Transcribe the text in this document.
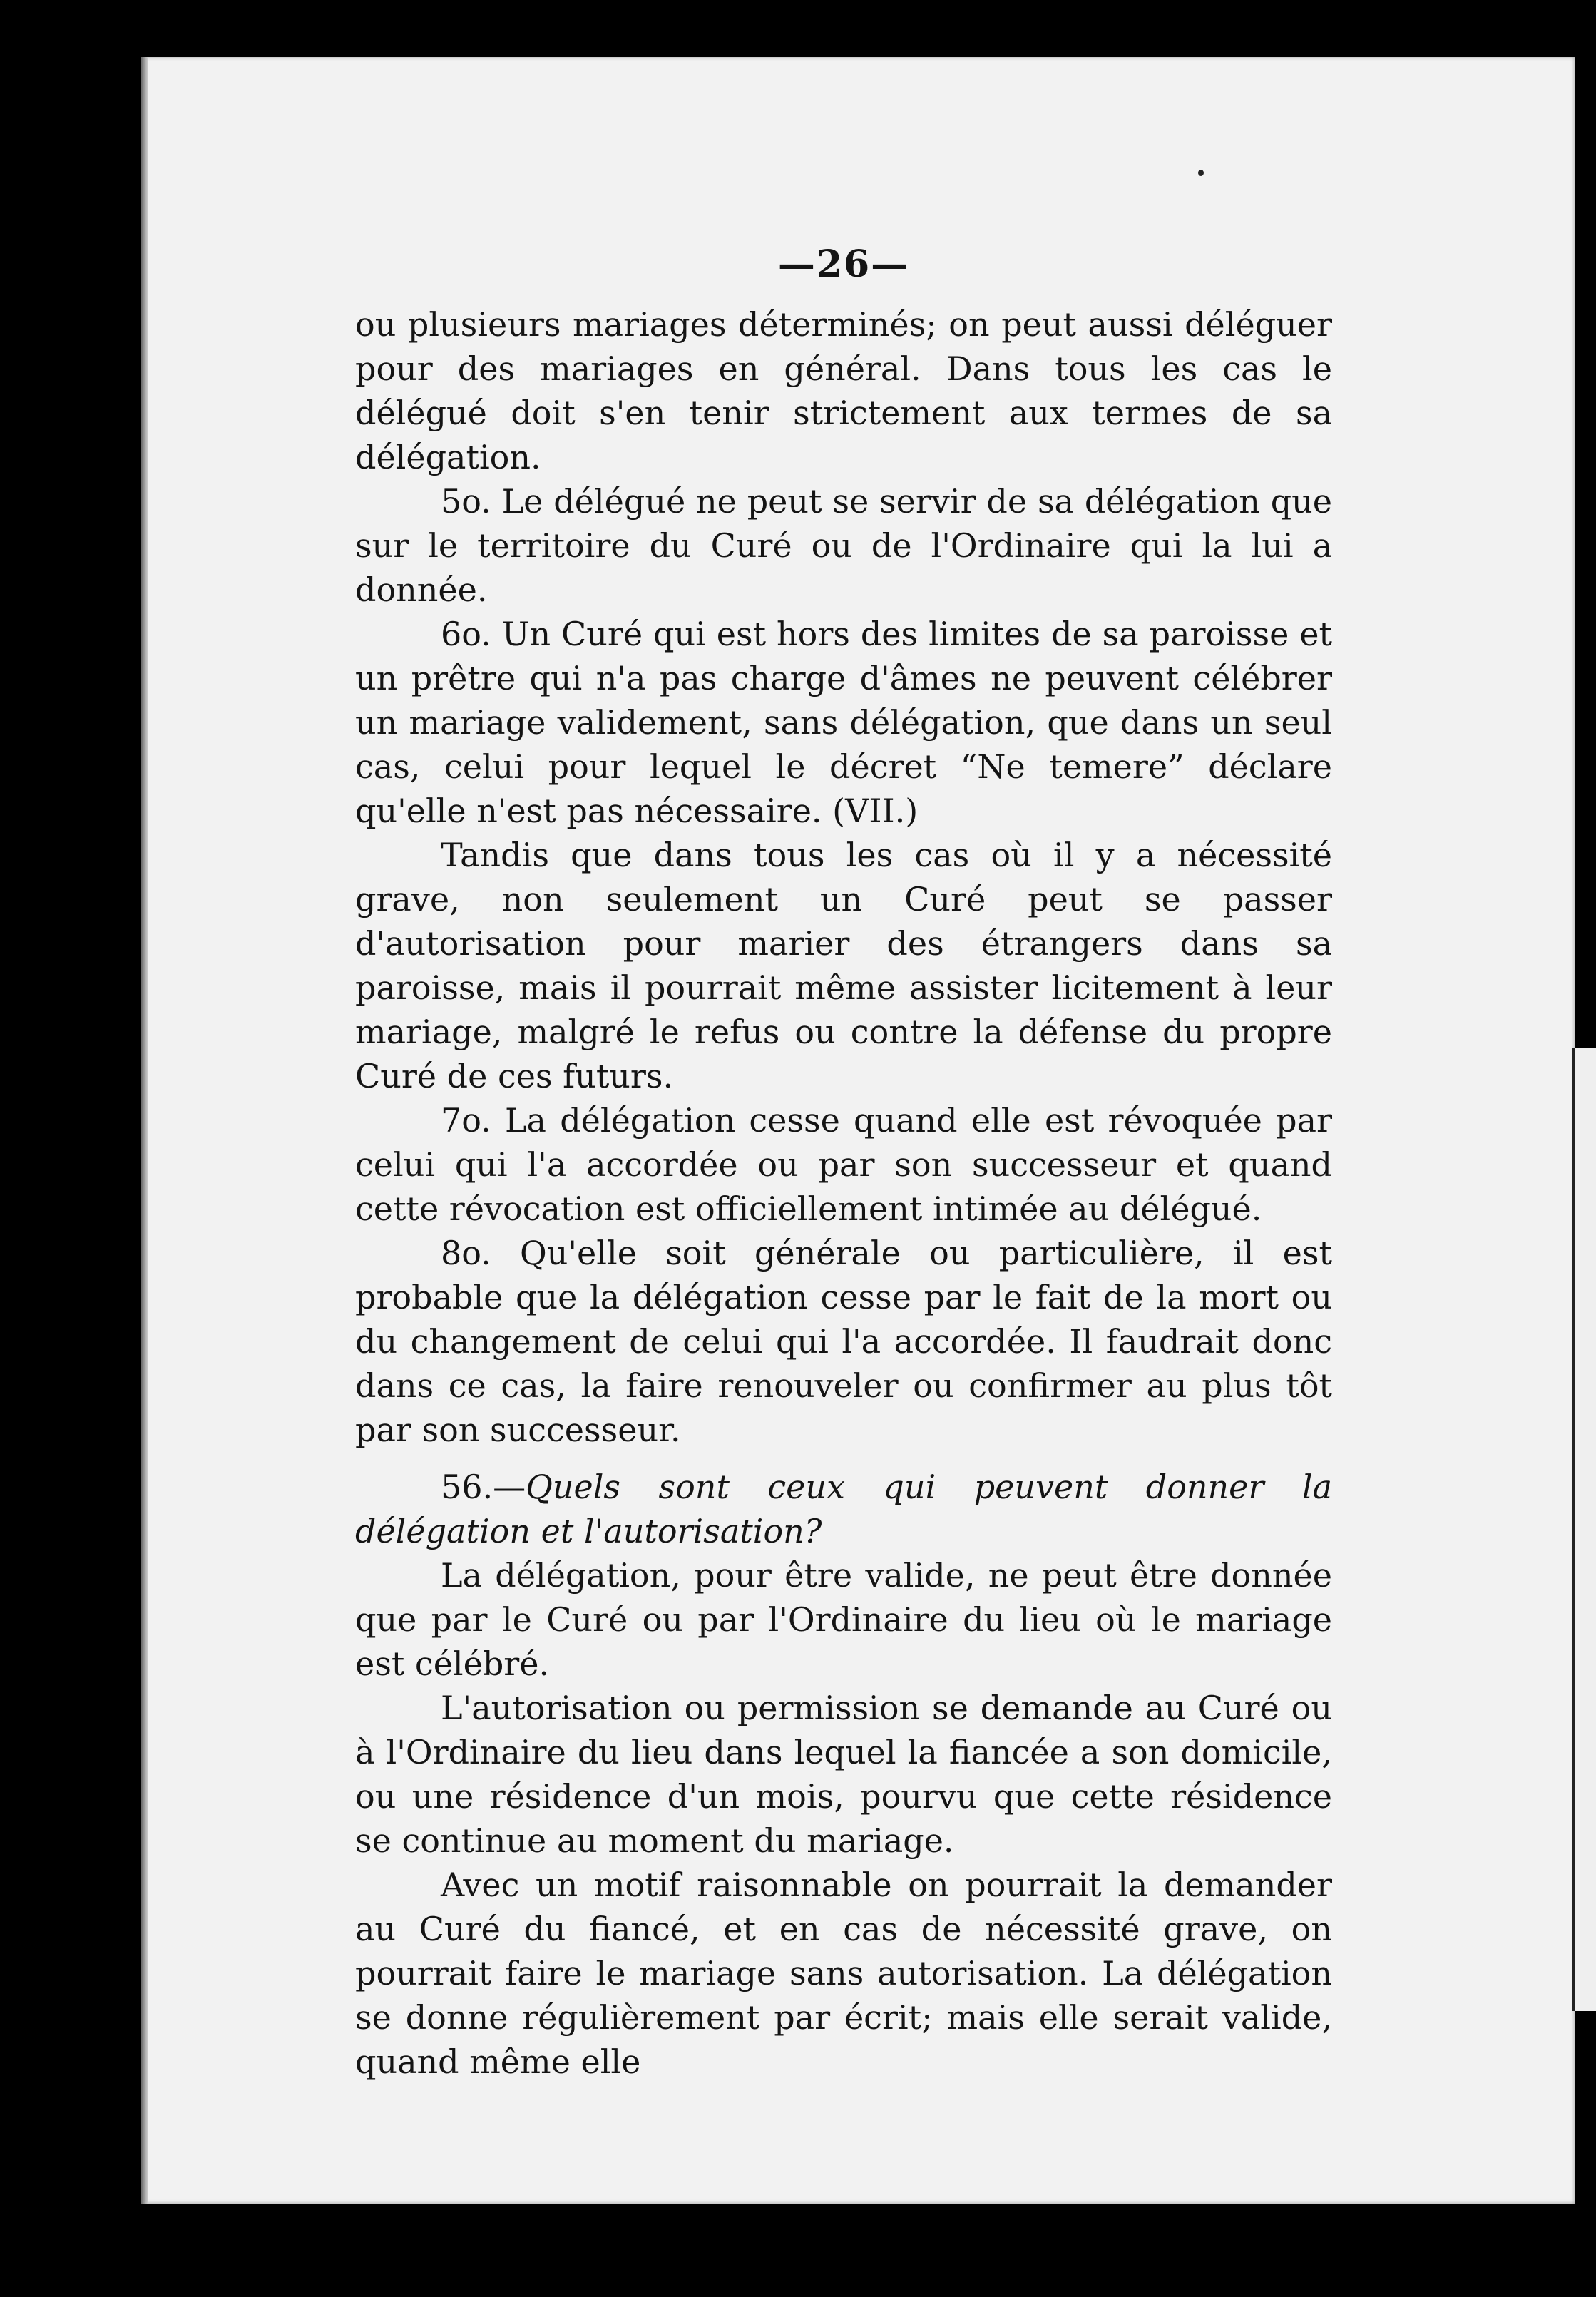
—26—

ou plusieurs mariages déterminés; on peut aussi déléguer pour des mariages en général. Dans tous les cas le délégué doit s'en tenir strictement aux termes de sa délégation.

5o. Le délégué ne peut se servir de sa délégation que sur le territoire du Curé ou de l'Ordinaire qui la lui a donnée.

6o. Un Curé qui est hors des limites de sa paroisse et un prêtre qui n'a pas charge d'âmes ne peuvent célébrer un mariage validement, sans délégation, que dans un seul cas, celui pour lequel le décret “Ne temere” déclare qu'elle n'est pas nécessaire. (VII.)

Tandis que dans tous les cas où il y a nécessité grave, non seulement un Curé peut se passer d'autorisation pour marier des étrangers dans sa paroisse, mais il pourrait même assister licitement à leur mariage, malgré le refus ou contre la défense du propre Curé de ces futurs.

7o. La délégation cesse quand elle est révoquée par celui qui l'a accordée ou par son successeur et quand cette révocation est officiellement intimée au délégué.

8o. Qu'elle soit générale ou particulière, il est probable que la délégation cesse par le fait de la mort ou du changement de celui qui l'a accordée. Il faudrait donc dans ce cas, la faire renouveler ou confirmer au plus tôt par son successeur.

56.—Quels sont ceux qui peuvent donner la délégation et l'autorisation?

La délégation, pour être valide, ne peut être donnée que par le Curé ou par l'Ordinaire du lieu où le mariage est célébré.

L'autorisation ou permission se demande au Curé ou à l'Ordinaire du lieu dans lequel la fiancée a son domicile, ou une résidence d'un mois, pourvu que cette résidence se continue au moment du mariage.

Avec un motif raisonnable on pourrait la demander au Curé du fiancé, et en cas de nécessité grave, on pourrait faire le mariage sans autorisation. La délégation se donne régulièrement par écrit; mais elle serait valide, quand même elle
